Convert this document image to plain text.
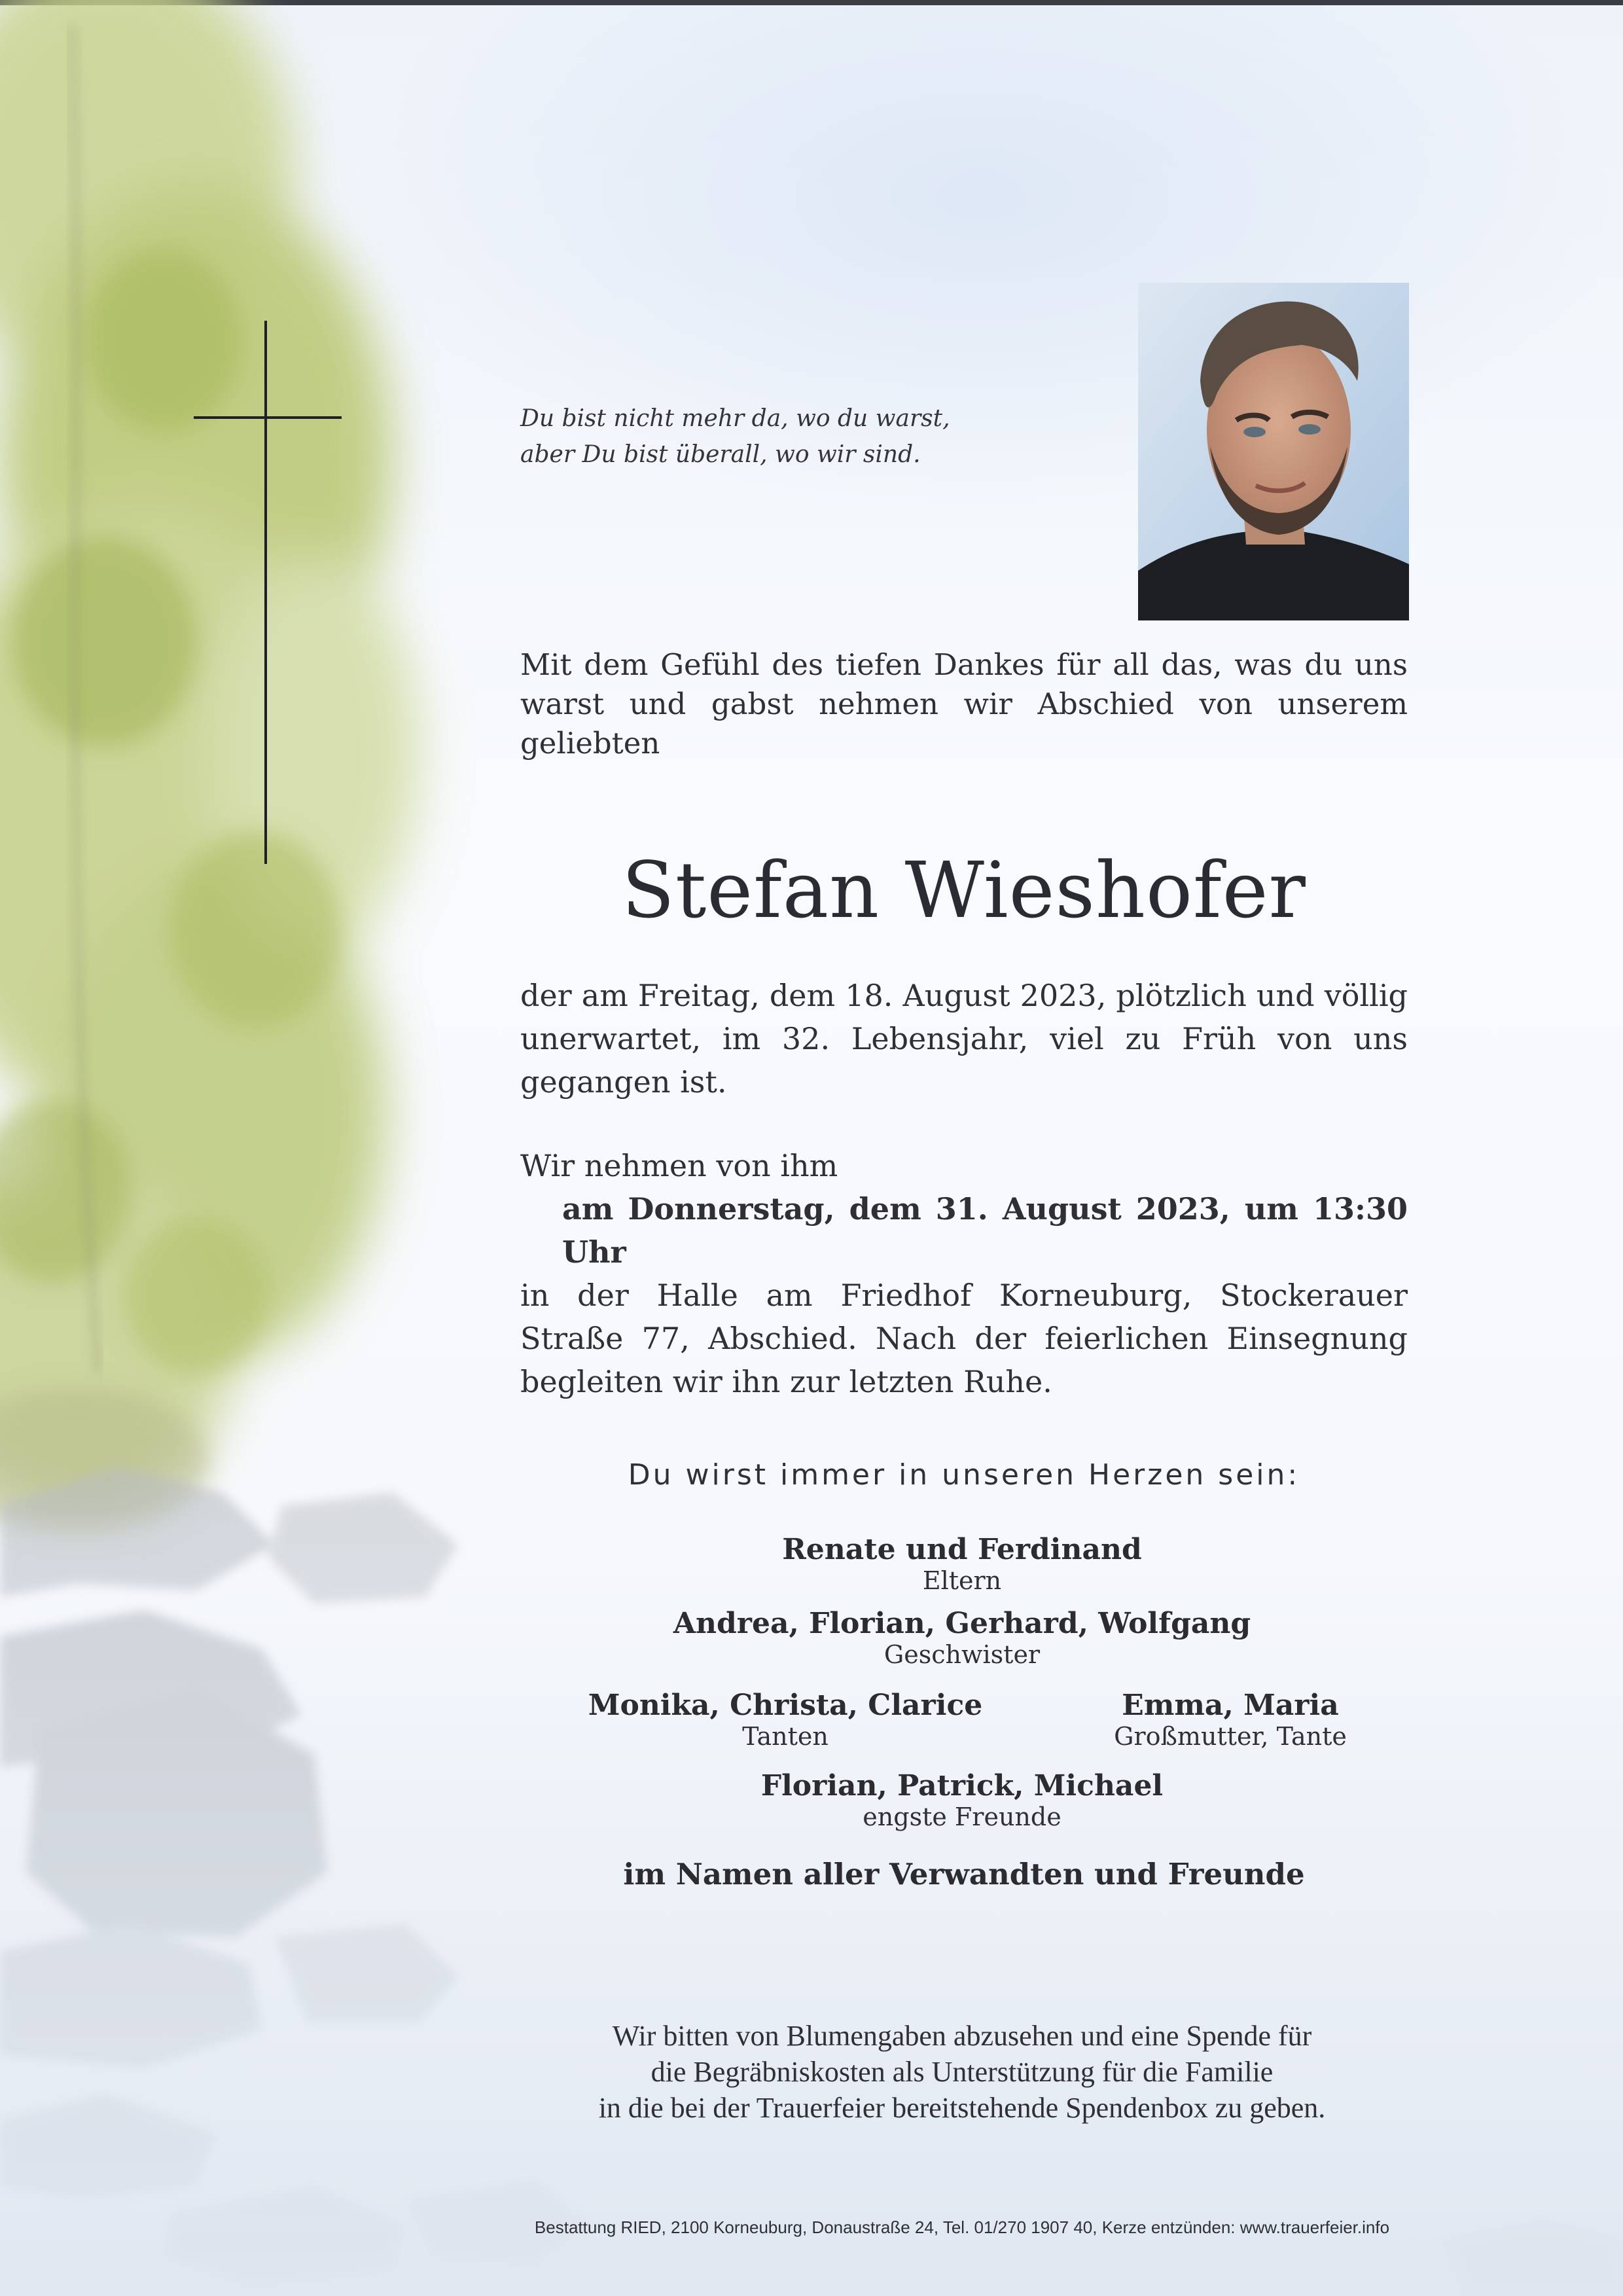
Du bist nicht mehr da, wo du warst,
aber Du bist überall, wo wir sind.
Mit dem Gefühl des tiefen Dankes für all das, was du uns warst und gabst nehmen wir Abschied von unserem geliebten
Stefan Wieshofer
der am Freitag, dem 18. August 2023, plötzlich und völlig unerwartet, im 32. Lebensjahr, viel zu Früh von uns gegangen ist.
Wir nehmen von ihm
am Donnerstag, dem 31. August 2023, um 13:30 Uhr
in der Halle am Friedhof Korneuburg, Stockerauer Straße 77, Abschied. Nach der feierlichen Einsegnung begleiten wir ihn zur letzten Ruhe.
Du wirst immer in unseren Herzen sein:
Renate und Ferdinand
Eltern
Andrea, Florian, Gerhard, Wolfgang
Geschwister
Monika, Christa, Clarice
Tanten
Emma, Maria
Großmutter, Tante
Florian, Patrick, Michael
engste Freunde
im Namen aller Verwandten und Freunde
Wir bitten von Blumengaben abzusehen und eine Spende für
die Begräbniskosten als Unterstützung für die Familie
in die bei der Trauerfeier bereitstehende Spendenbox zu geben.
Bestattung RIED, 2100 Korneuburg, Donaustraße 24, Tel. 01/270 1907 40, Kerze entzünden: www.trauerfeier.info
